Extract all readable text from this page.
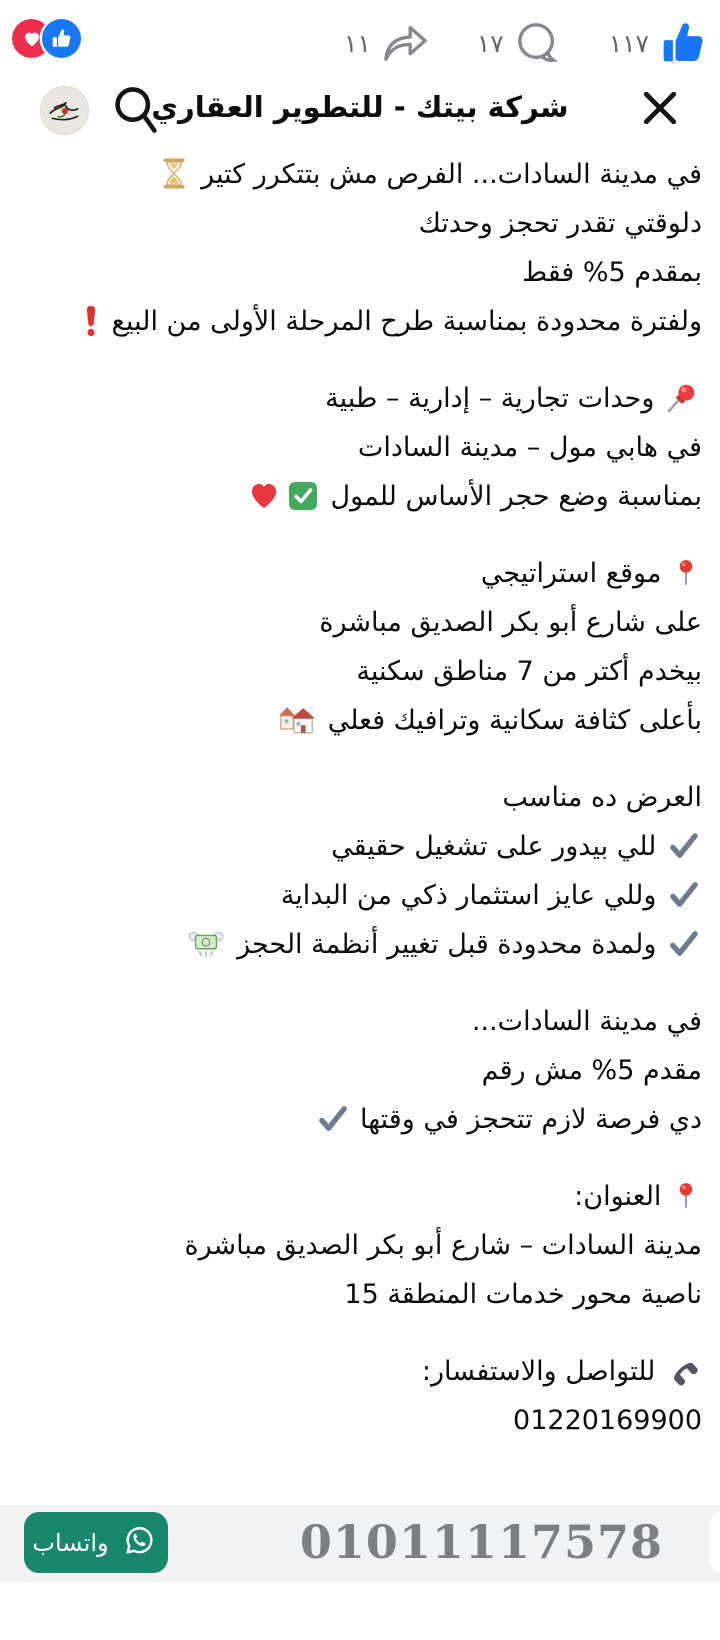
١١	١٧	١١٧
شركة بيتك - للتطوير العقاري
في مدينة السادات... الفرص مش بتتكرر كتير
دلوقتي تقدر تحجز وحدتك
بمقدم 5% فقط
ولفترة محدودة بمناسبة طرح المرحلة الأولى من البيع
وحدات تجارية – إدارية – طبية
في هابي مول – مدينة السادات
بمناسبة وضع حجر الأساس للمول
موقع استراتيجي
على شارع أبو بكر الصديق مباشرة
بيخدم أكتر من 7 مناطق سكنية
بأعلى كثافة سكانية وترافيك فعلي
العرض ده مناسب
للي بيدور على تشغيل حقيقي
وللي عايز استثمار ذكي من البداية
ولمدة محدودة قبل تغيير أنظمة الحجز
في مدينة السادات...
مقدم 5% مش رقم
دي فرصة لازم تتحجز في وقتها
العنوان:
مدينة السادات – شارع أبو بكر الصديق مباشرة
ناصية محور خدمات المنطقة 15
للتواصل والاستفسار:
01220169900
واتساب	01011117578
